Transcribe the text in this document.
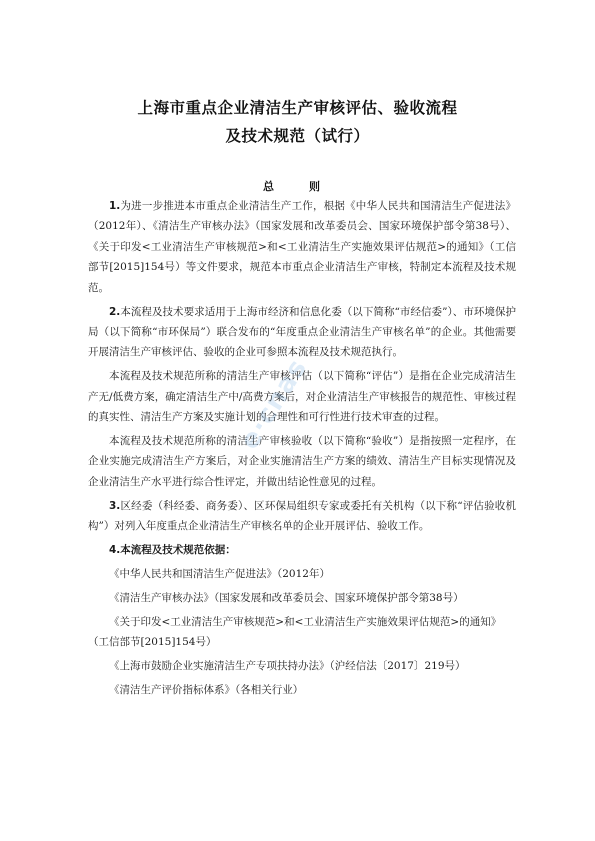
上海市重点企业清洁生产审核评估、验收流程
及技术规范（试行）
总　则

1.为进一步推进本市重点企业清洁生产工作，根据《中华人民共和国清洁生产促进法》（2012年）、《清洁生产审核办法》（国家发展和改革委员会、国家环境保护部令第38号）、《关于印发<工业清洁生产审核规范>和<工业清洁生产实施效果评估规范>的通知》（工信部节[2015]154号）等文件要求，规范本市重点企业清洁生产审核，特制定本流程及技术规范。

2.本流程及技术要求适用于上海市经济和信息化委（以下简称“市经信委”）、市环境保护局（以下简称“市环保局”）联合发布的“年度重点企业清洁生产审核名单”的企业。其他需要开展清洁生产审核评估、验收的企业可参照本流程及技术规范执行。

本流程及技术规范所称的清洁生产审核评估（以下简称“评估”）是指在企业完成清洁生产无/低费方案，确定清洁生产中/高费方案后，对企业清洁生产审核报告的规范性、审核过程的真实性、清洁生产方案及实施计划的合理性和可行性进行技术审查的过程。

本流程及技术规范所称的清洁生产审核验收（以下简称“验收”）是指按照一定程序，在企业实施完成清洁生产方案后，对企业实施清洁生产方案的绩效、清洁生产目标实现情况及企业清洁生产水平进行综合性评定，并做出结论性意见的过程。

3.区经委（科经委、商务委）、区环保局组织专家或委托有关机构（以下称“评估验收机构”）对列入年度重点企业清洁生产审核名单的企业开展评估、验收工作。

4.本流程及技术规范依据：

《中华人民共和国清洁生产促进法》（2012年）

《清洁生产审核办法》（国家发展和改革委员会、国家环境保护部令第38号）

《关于印发<工业清洁生产审核规范>和<工业清洁生产实施效果评估规范>的通知》（工信部节[2015]154号）

《上海市鼓励企业实施清洁生产专项扶持办法》（沪经信法〔2017〕219号）

《清洁生产评价指标体系》（各相关行业）

e·cnas
